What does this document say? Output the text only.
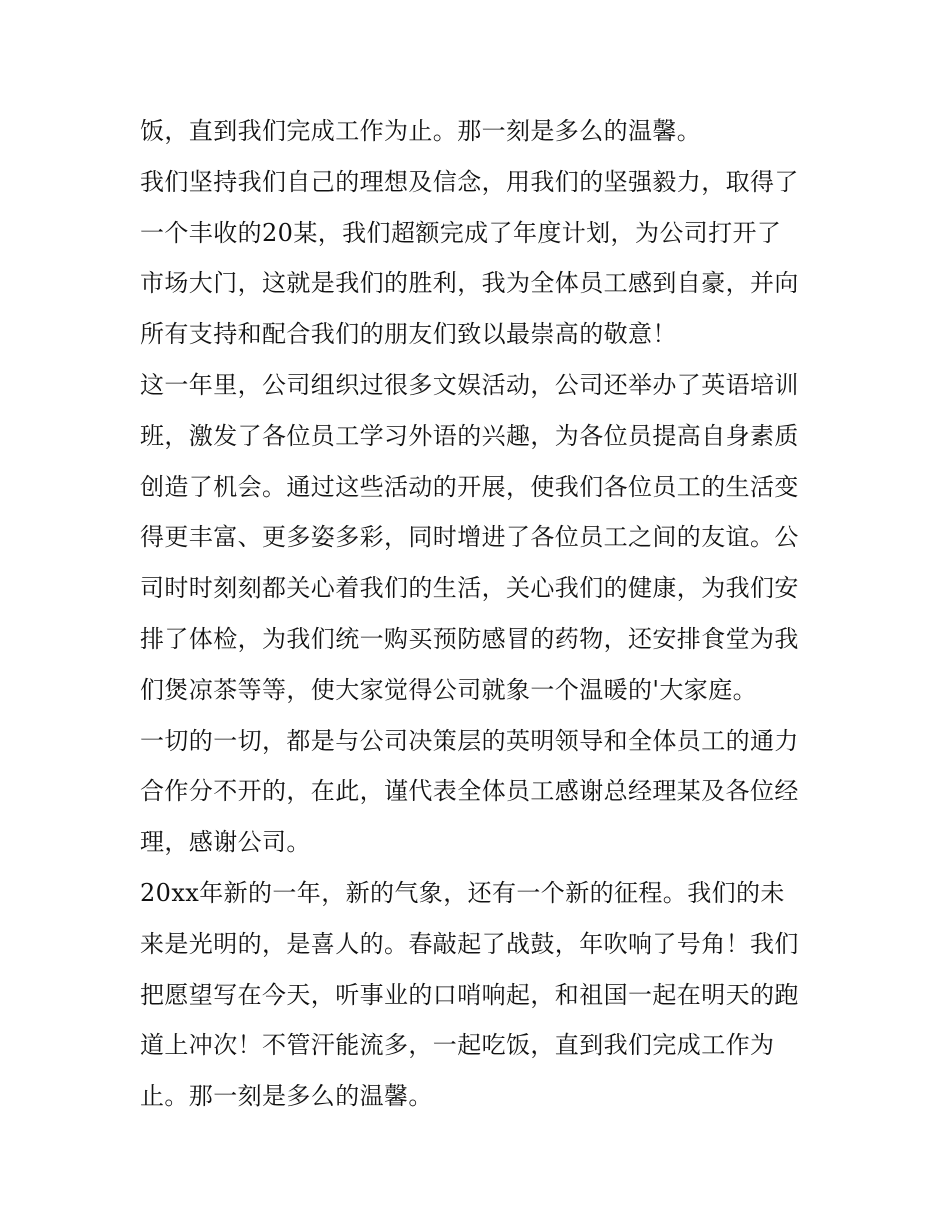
饭，直到我们完成工作为止。那一刻是多么的温馨。

我们坚持我们自己的理想及信念，用我们的坚强毅力，取得了
一个丰收的20某，我们超额完成了年度计划，为公司打开了
市场大门，这就是我们的胜利，我为全体员工感到自豪，并向
所有支持和配合我们的朋友们致以最崇高的敬意！

这一年里，公司组织过很多文娱活动，公司还举办了英语培训
班，激发了各位员工学习外语的兴趣，为各位员提高自身素质
创造了机会。通过这些活动的开展，使我们各位员工的生活变
得更丰富、更多姿多彩，同时增进了各位员工之间的友谊。公
司时时刻刻都关心着我们的生活，关心我们的健康，为我们安
排了体检，为我们统一购买预防感冒的药物，还安排食堂为我
们煲凉茶等等，使大家觉得公司就象一个温暖的'大家庭。

一切的一切，都是与公司决策层的英明领导和全体员工的通力
合作分不开的，在此，谨代表全体员工感谢总经理某及各位经
理，感谢公司。

20xx年新的一年，新的气象，还有一个新的征程。我们的未
来是光明的，是喜人的。春敲起了战鼓，年吹响了号角！我们
把愿望写在今天，听事业的口哨响起，和祖国一起在明天的跑
道上冲次！不管汗能流多，一起吃饭，直到我们完成工作为
止。那一刻是多么的温馨。
